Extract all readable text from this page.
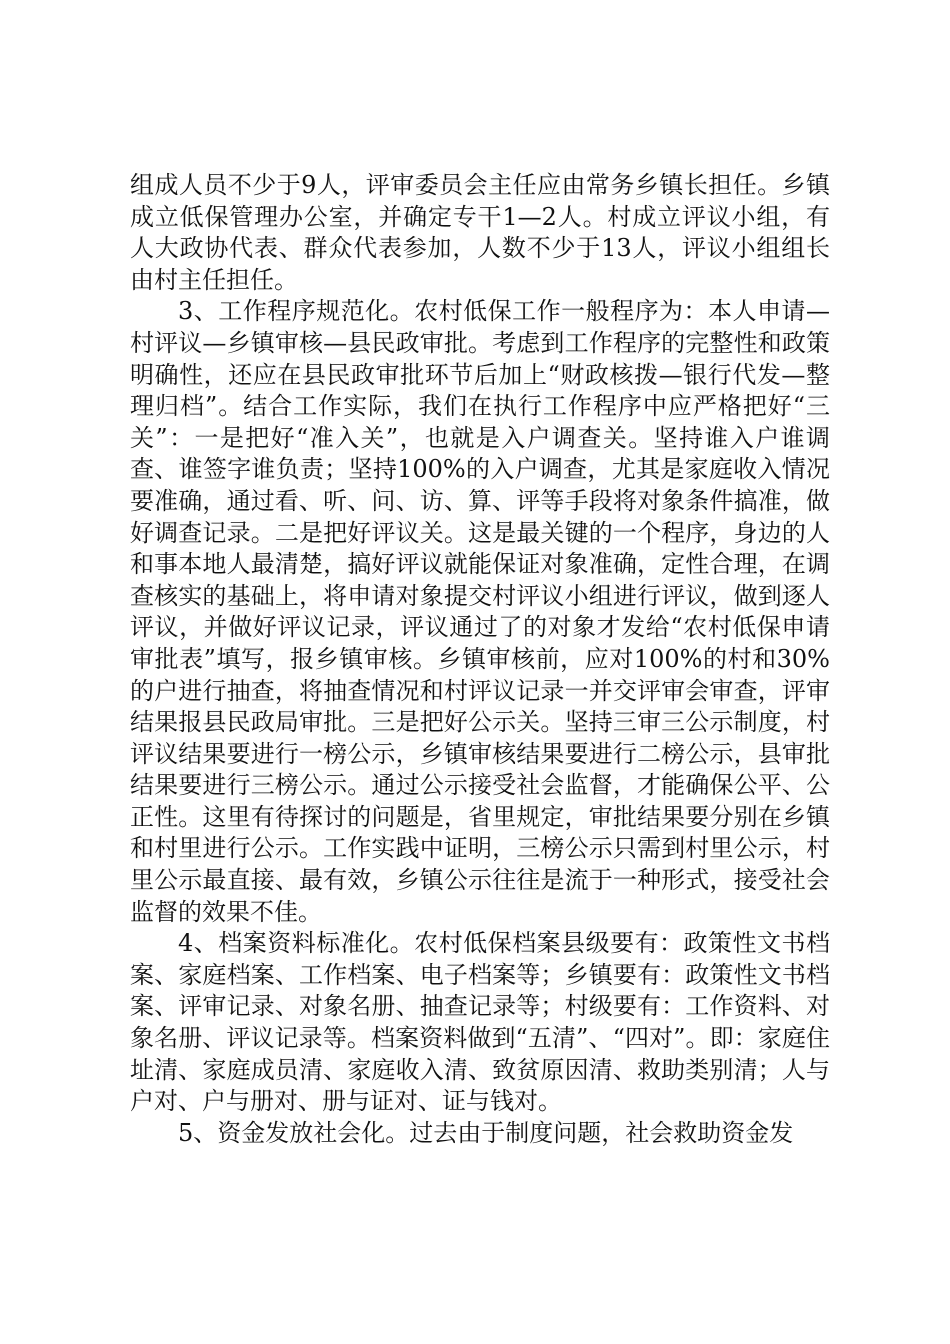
组成人员不少于9人，评审委员会主任应由常务乡镇长担任。乡镇成立低保管理办公室，并确定专干1—2人。村成立评议小组，有人大政协代表、群众代表参加，人数不少于13人，评议小组组长由村主任担任。

3、工作程序规范化。农村低保工作一般程序为：本人申请—村评议—乡镇审核—县民政审批。考虑到工作程序的完整性和政策明确性，还应在县民政审批环节后加上“财政核拨—银行代发—整理归档”。结合工作实际，我们在执行工作程序中应严格把好“三关”：一是把好“准入关”，也就是入户调查关。坚持谁入户谁调查、谁签字谁负责；坚持100%的入户调查，尤其是家庭收入情况要准确，通过看、听、问、访、算、评等手段将对象条件搞准，做好调查记录。二是把好评议关。这是最关键的一个程序，身边的人和事本地人最清楚，搞好评议就能保证对象准确，定性合理，在调查核实的基础上，将申请对象提交村评议小组进行评议，做到逐人评议，并做好评议记录，评议通过了的对象才发给“农村低保申请审批表”填写，报乡镇审核。乡镇审核前，应对100%的村和30%的户进行抽查，将抽查情况和村评议记录一并交评审会审查，评审结果报县民政局审批。三是把好公示关。坚持三审三公示制度，村评议结果要进行一榜公示，乡镇审核结果要进行二榜公示，县审批结果要进行三榜公示。通过公示接受社会监督，才能确保公平、公正性。这里有待探讨的问题是，省里规定，审批结果要分别在乡镇和村里进行公示。工作实践中证明，三榜公示只需到村里公示，村里公示最直接、最有效，乡镇公示往往是流于一种形式，接受社会监督的效果不佳。

4、档案资料标准化。农村低保档案县级要有：政策性文书档案、家庭档案、工作档案、电子档案等；乡镇要有：政策性文书档案、评审记录、对象名册、抽查记录等；村级要有：工作资料、对象名册、评议记录等。档案资料做到“五清”、“四对”。即：家庭住址清、家庭成员清、家庭收入清、致贫原因清、救助类别清；人与户对、户与册对、册与证对、证与钱对。

5、资金发放社会化。过去由于制度问题，社会救助资金发
